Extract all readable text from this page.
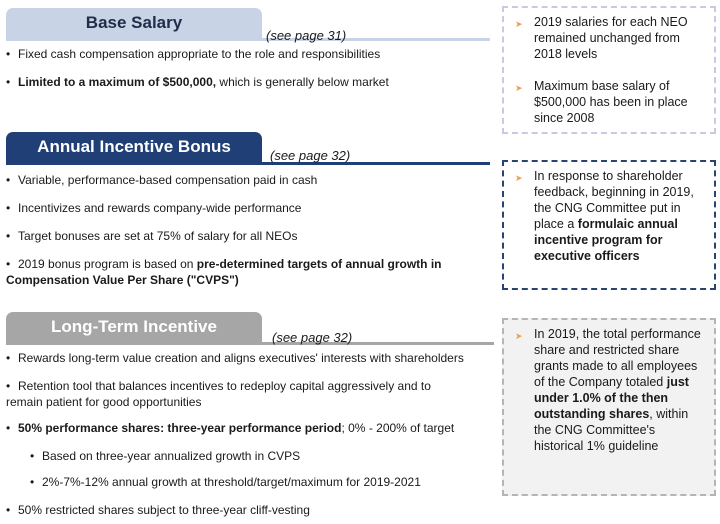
Base Salary
(see page 31)
• Fixed cash compensation appropriate to the role and responsibilities
• Limited to a maximum of $500,000, which is generally below market
Annual Incentive Bonus	(see page 32)
• Variable, performance-based compensation paid in cash
• Incentivizes and rewards company-wide performance
• Target bonuses are set at 75% of salary for all NEOs
• 2019 bonus program is based on pre-determined targets of annual growth in
Compensation Value Per Share ("CVPS")
Long-Term Incentive
(see page 32)
• Rewards long-term value creation and aligns executives' interests with shareholders
• Retention tool that balances incentives to redeploy capital aggressively and to
remain patient for good opportunities
• 50% performance shares: three-year performance period; 0% - 200% of target
• Based on three-year annualized growth in CVPS
• 2%-7%-12% annual growth at threshold/target/maximum for 2019-2021
• 50% restricted shares subject to three-year cliff-vesting
➤ 2019 salaries for each NEO remained unchanged from 2018 levels
➤ Maximum base salary of $500,000 has been in place since 2008
➤ In response to shareholder feedback, beginning in 2019, the CNG Committee put in place a formulaic annual incentive program for executive officers
➤ In 2019, the total performance share and restricted share grants made to all employees of the Company totaled just under 1.0% of the then outstanding shares, within the CNG Committee's historical 1% guideline
